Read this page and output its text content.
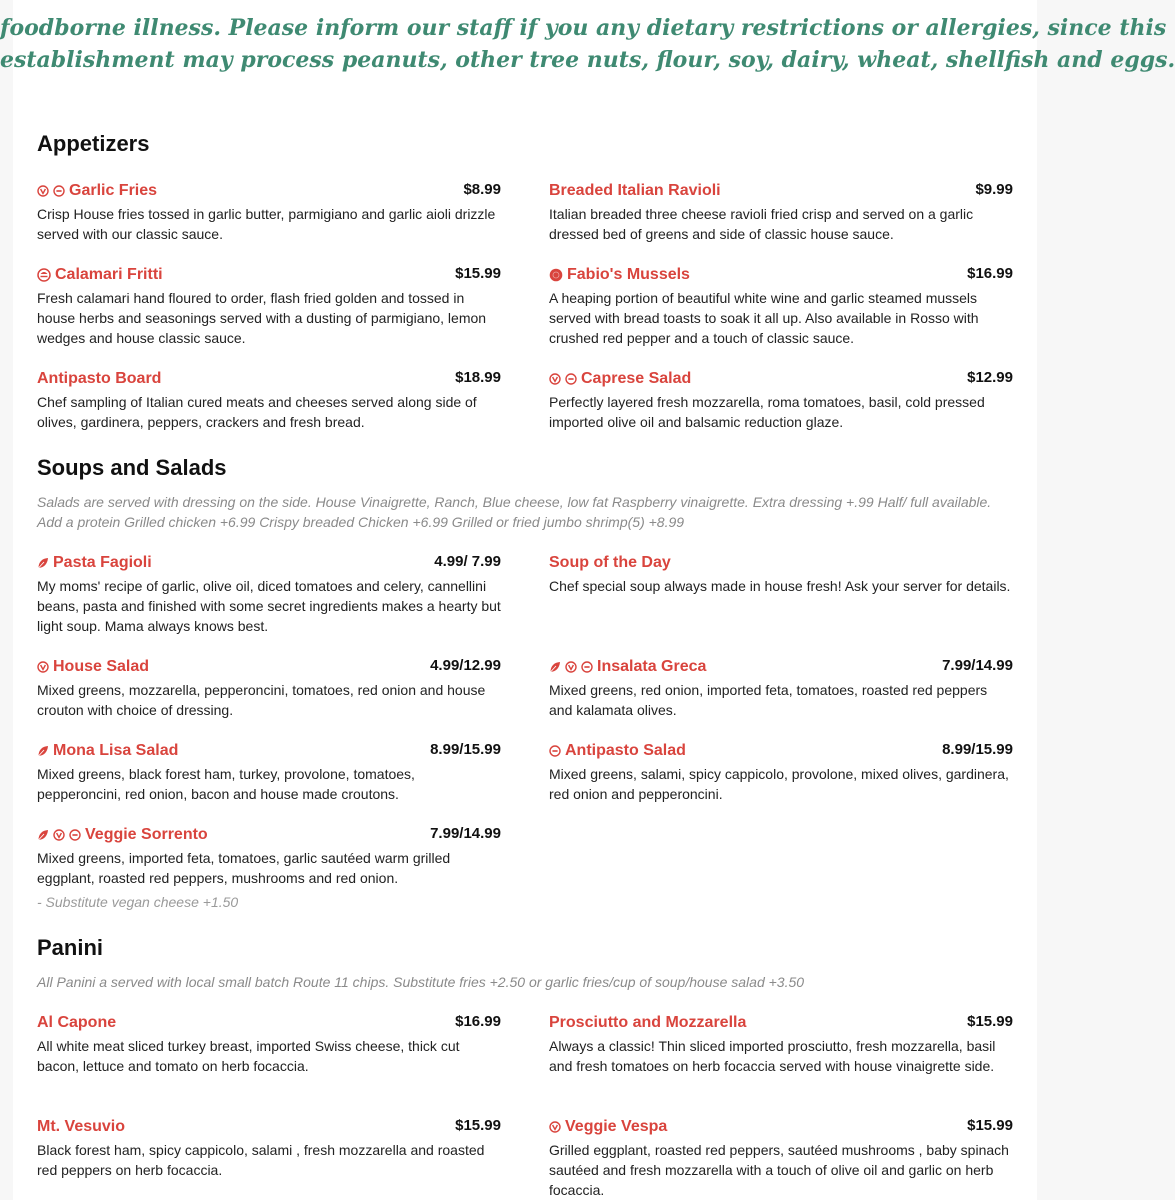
foodborne illness. Please inform our staff if you any dietary restrictions or allergies, since this
establishment may process peanuts, other tree nuts, flour, soy, dairy, wheat, shellfish and eggs.
Appetizers
Soups and Salads
Salads are served with dressing on the side. House Vinaigrette, Ranch, Blue cheese, low fat Raspberry vinaigrette. Extra dressing +.99 Half/ full available. Add a protein Grilled chicken +6.99 Crispy breaded Chicken +6.99 Grilled or fried jumbo shrimp(5) +8.99
Panini
All Panini a served with local small batch Route 11 chips. Substitute fries +2.50 or garlic fries/cup of soup/house salad +3.50
Garlic Fries	$8.99
Crisp House fries tossed in garlic butter, parmigiano and garlic aioli drizzle served with our classic sauce.
Breaded Italian Ravioli	$9.99
Italian breaded three cheese ravioli fried crisp and served on a garlic dressed bed of greens and side of classic house sauce.
Calamari Fritti	$15.99
Fresh calamari hand floured to order, flash fried golden and tossed in house herbs and seasonings served with a dusting of parmigiano, lemon wedges and house classic sauce.
Fabio's Mussels	$16.99
A heaping portion of beautiful white wine and garlic steamed mussels served with bread toasts to soak it all up. Also available in Rosso with crushed red pepper and a touch of classic sauce.
Antipasto Board	$18.99
Chef sampling of Italian cured meats and cheeses served along side of olives, gardinera, peppers, crackers and fresh bread.
Caprese Salad	$12.99
Perfectly layered fresh mozzarella, roma tomatoes, basil, cold pressed imported olive oil and balsamic reduction glaze.
Pasta Fagioli	4.99/ 7.99
My moms' recipe of garlic, olive oil, diced tomatoes and celery, cannellini beans, pasta and finished with some secret ingredients makes a hearty but light soup. Mama always knows best.
Soup of the Day
Chef special soup always made in house fresh! Ask your server for details.
House Salad	4.99/12.99
Mixed greens, mozzarella, pepperoncini, tomatoes, red onion and house crouton with choice of dressing.
Insalata Greca	7.99/14.99
Mixed greens, red onion, imported feta, tomatoes, roasted red peppers and kalamata olives.
Mona Lisa Salad	8.99/15.99
Mixed greens, black forest ham, turkey, provolone, tomatoes, pepperoncini, red onion, bacon and house made croutons.
Antipasto Salad	8.99/15.99
Mixed greens, salami, spicy cappicolo, provolone, mixed olives, gardinera, red onion and pepperoncini.
Veggie Sorrento	7.99/14.99
Mixed greens, imported feta, tomatoes, garlic sautéed warm grilled eggplant, roasted red peppers, mushrooms and red onion.
- Substitute vegan cheese +1.50
Al Capone	$16.99
All white meat sliced turkey breast, imported Swiss cheese, thick cut bacon, lettuce and tomato on herb focaccia.
Prosciutto and Mozzarella	$15.99
Always a classic! Thin sliced imported prosciutto, fresh mozzarella, basil and fresh tomatoes on herb focaccia served with house vinaigrette side.
Mt. Vesuvio	$15.99
Black forest ham, spicy cappicolo, salami , fresh mozzarella and roasted red peppers on herb focaccia.
Veggie Vespa	$15.99
Grilled eggplant, roasted red peppers, sautéed mushrooms , baby spinach sautéed and fresh mozzarella with a touch of olive oil and garlic on herb focaccia.
